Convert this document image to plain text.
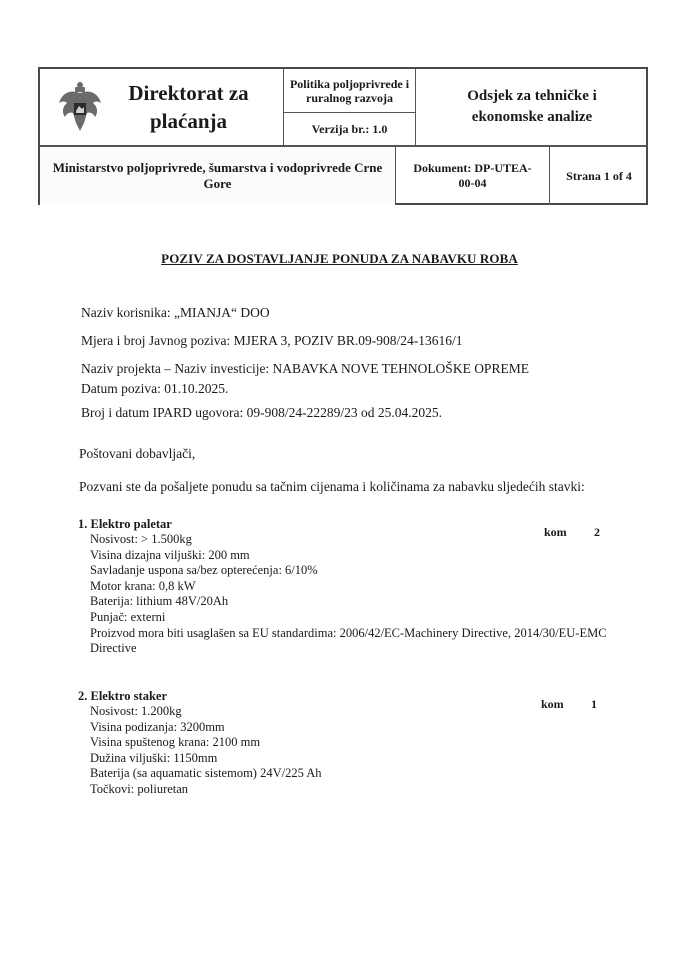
Direktorat za
plaćanja
Politika poljoprivrede i ruralnog razvoja
Verzija br.: 1.0
Odsjek za tehničke i
ekonomske analize
Ministarstvo poljoprivrede, šumarstva i vodoprivrede Crne Gore
Dokument: DP-UTEA-
00-04
Strana 1 of 4
POZIV ZA DOSTAVLJANJE PONUDA ZA NABAVKU ROBA
Naziv korisnika: „MIANJA“ DOO
Mjera i broj Javnog poziva: MJERA 3, POZIV BR.09-908/24-13616/1
Naziv projekta – Naziv investicije: NABAVKA NOVE TEHNOLOŠKE OPREME
Datum poziva: 01.10.2025.
Broj i datum IPARD ugovora: 09-908/24-22289/23 od 25.04.2025.
Poštovani dobavljači,
Pozvani ste da pošaljete ponudu sa tačnim cijenama i količinama za nabavku sljedećih stavki:
1. Elektro paletar
Nosivost: > 1.500kg
Visina dizajna viljuški: 200 mm
Savladanje uspona sa/bez opterećenja: 6/10%
Motor krana: 0,8 kW
Baterija: lithium 48V/20Ah
Punjač: externi
Proizvod mora biti usaglašen sa EU standardima: 2006/42/EC-Machinery Directive, 2014/30/EU-EMC
Directive
kom 2
2. Elektro staker
Nosivost: 1.200kg
Visina podizanja: 3200mm
Visina spuštenog krana: 2100 mm
Dužina viljuški: 1150mm
Baterija (sa aquamatic sistemom) 24V/225 Ah
Točkovi: poliuretan
kom 1
